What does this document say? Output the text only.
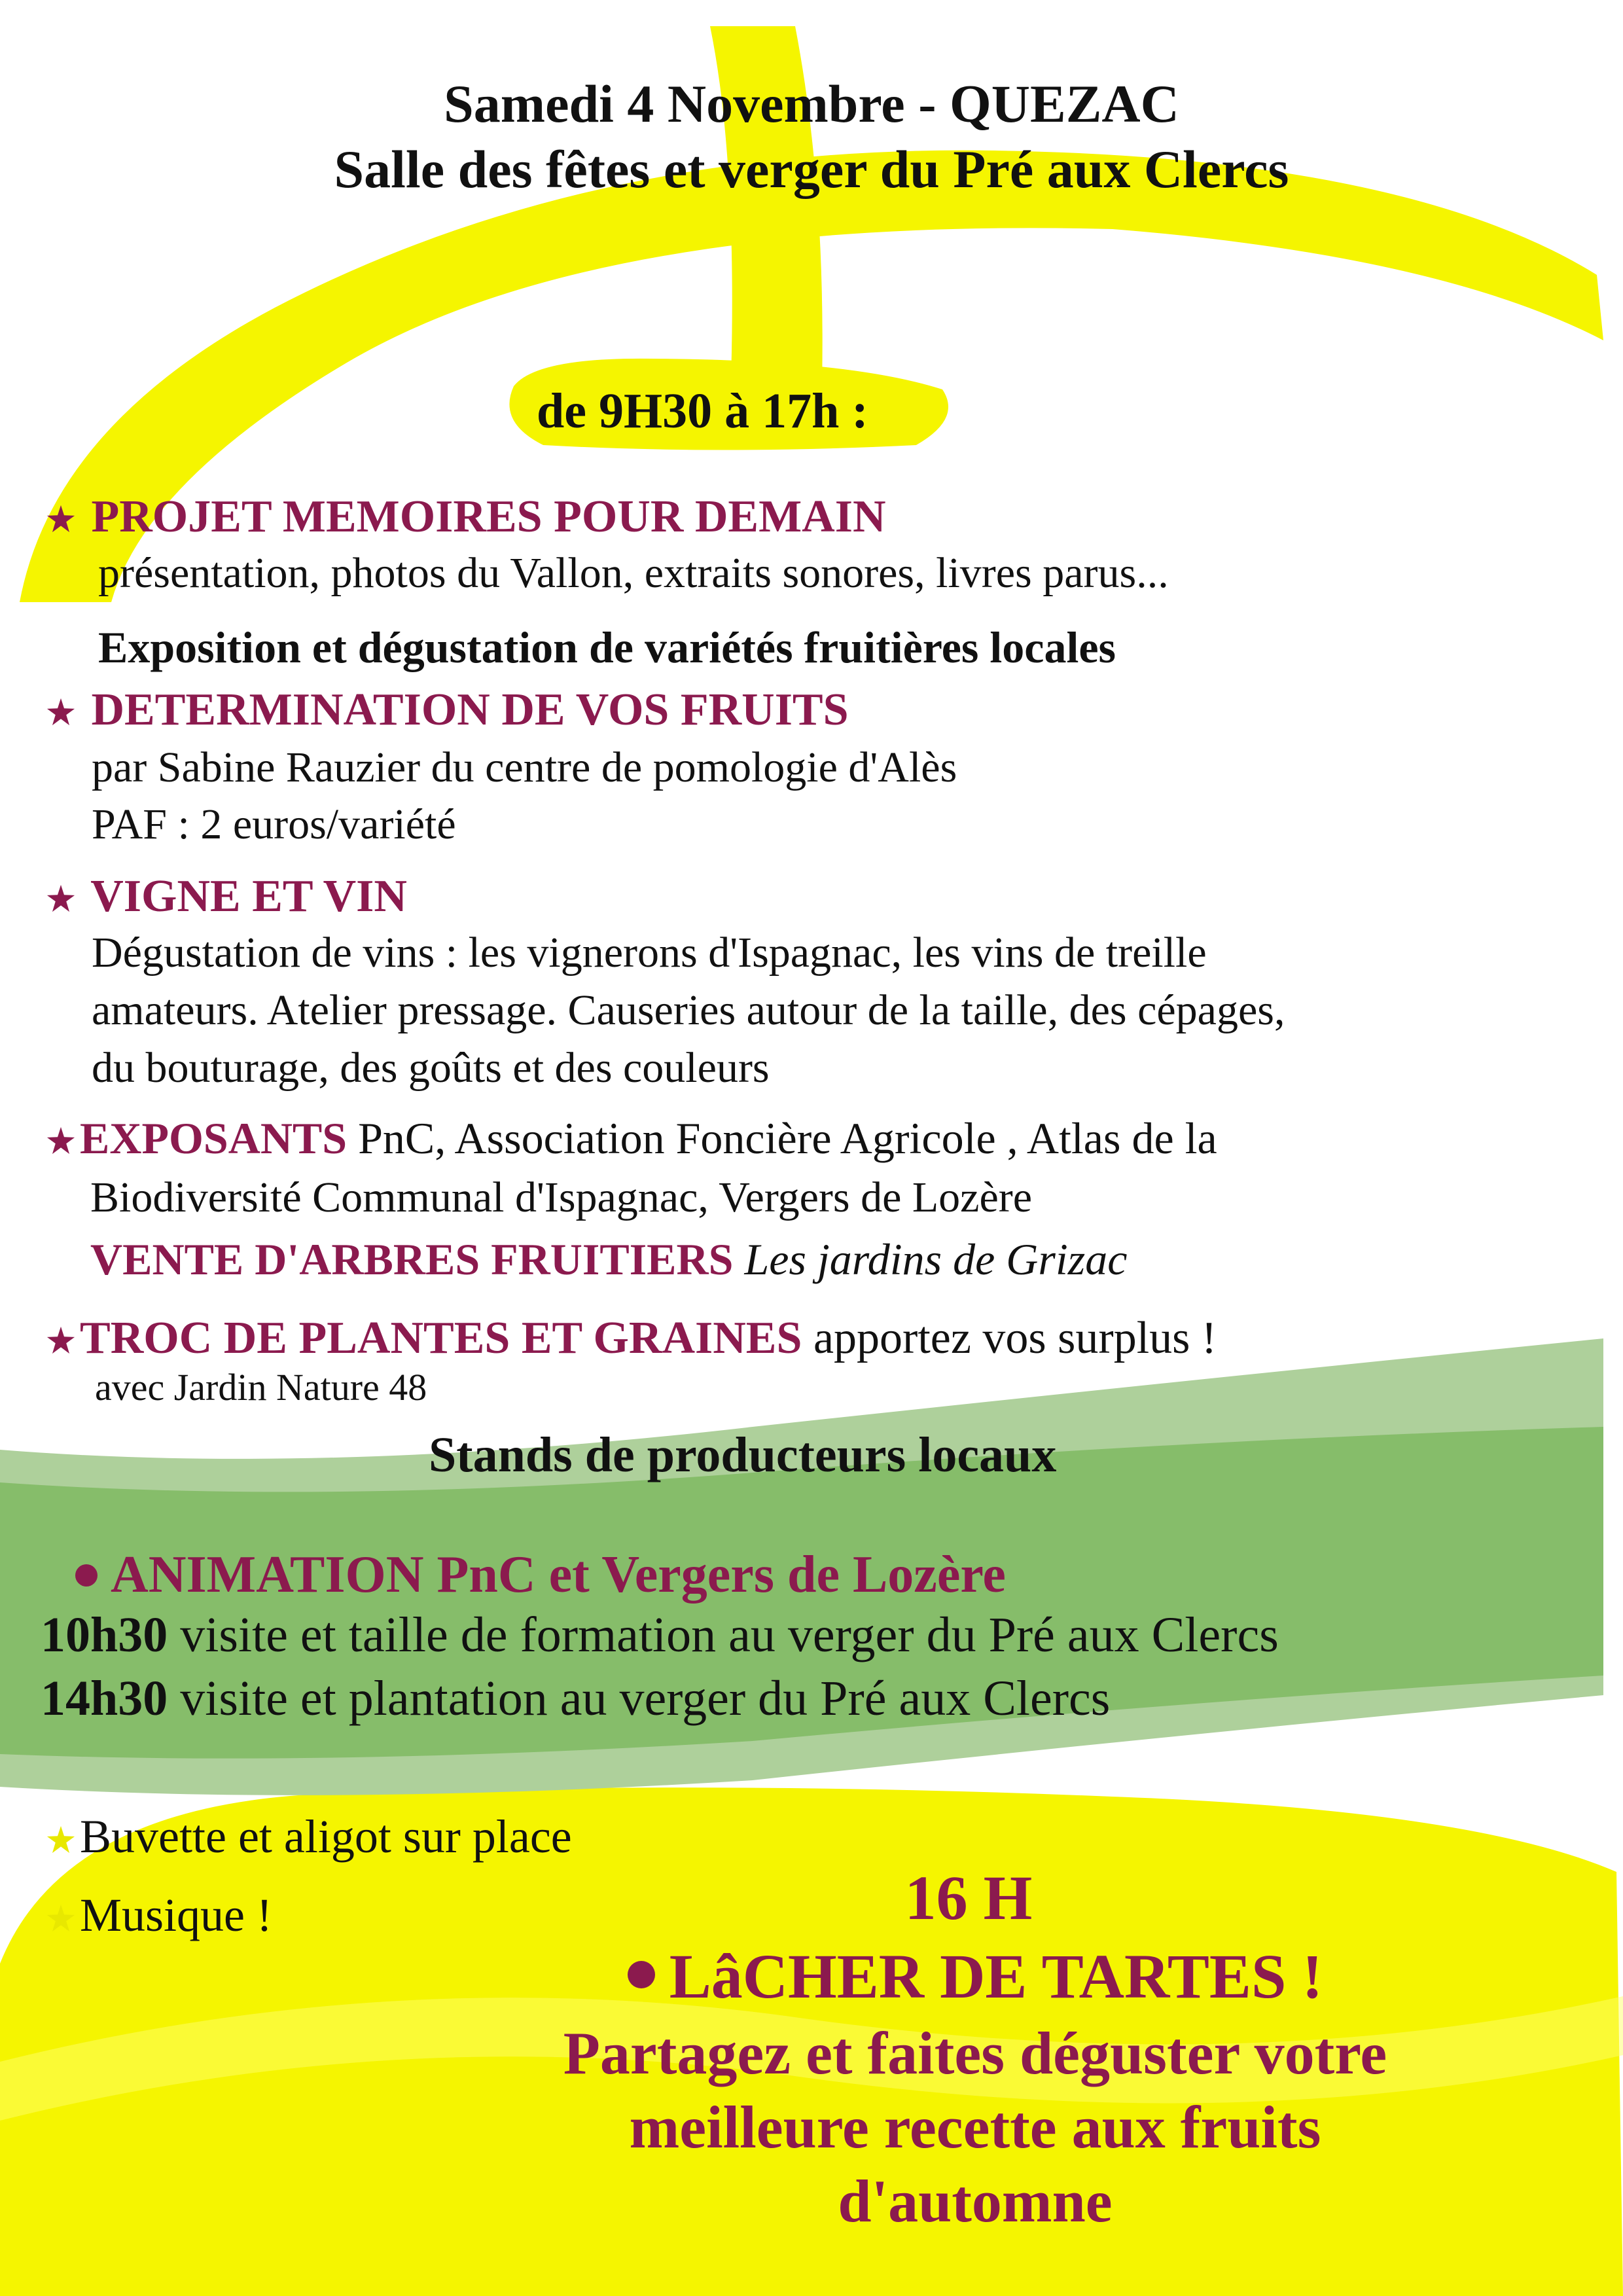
Samedi 4 Novembre - QUEZAC
Salle des fêtes et verger du Pré aux Clercs
de 9H30 à 17h :
PROJET MEMOIRES POUR DEMAIN
présentation, photos du Vallon, extraits sonores, livres parus...
Exposition et dégustation de variétés fruitières locales
DETERMINATION DE VOS FRUITS
par Sabine Rauzier du centre de pomologie d'Alès
PAF : 2 euros/variété
VIGNE ET VIN
Dégustation de vins : les vignerons d'Ispagnac, les vins de treille
amateurs. Atelier pressage. Causeries autour de la taille, des cépages,
du bouturage, des goûts et des couleurs
EXPOSANTS PnC, Association Foncière Agricole , Atlas de la
Biodiversité Communal d'Ispagnac, Vergers de Lozère
VENTE D'ARBRES FRUITIERS Les jardins de Grizac
TROC DE PLANTES ET GRAINES apportez vos surplus !
avec Jardin Nature 48
Stands de producteurs locaux
ANIMATION PnC et Vergers de Lozère
10h30 visite et taille de formation au verger du Pré aux Clercs
14h30 visite et plantation au verger du Pré aux Clercs
Buvette et aligot sur place
Musique !	16 H
LâCHER DE TARTES !
Partagez et faites déguster votre
meilleure recette aux fruits
d'automne
